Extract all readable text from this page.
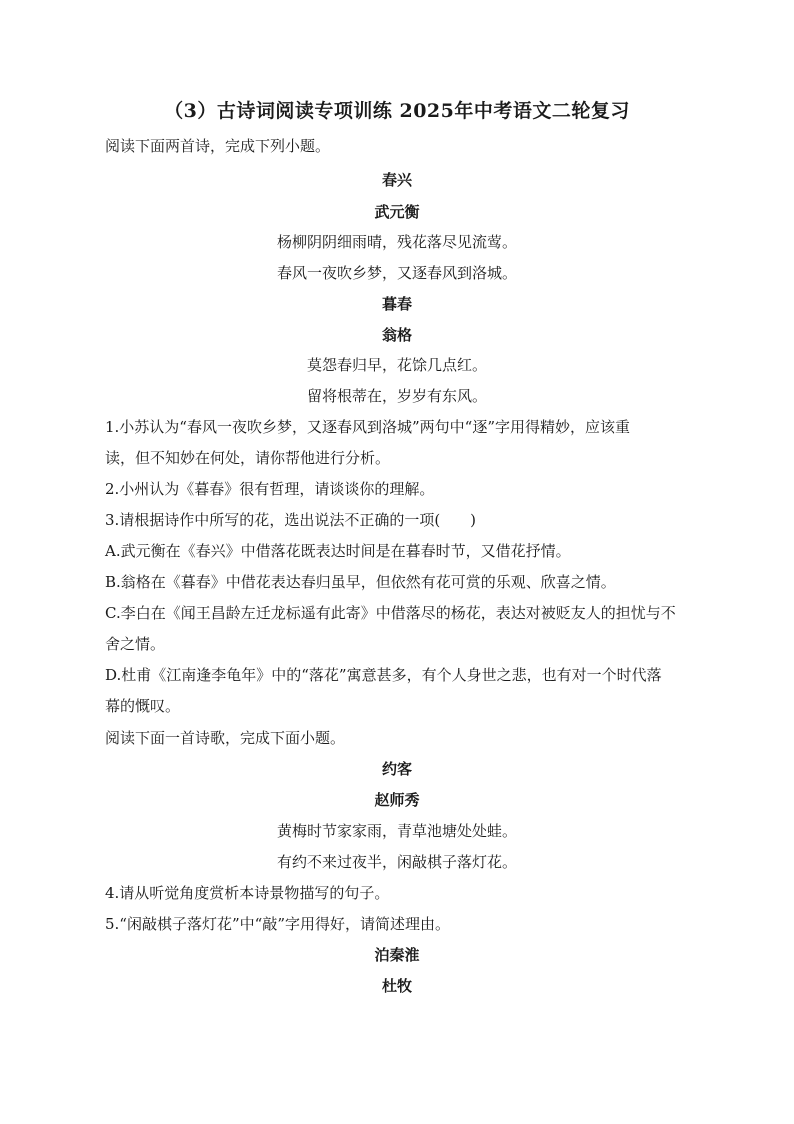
（3）古诗词阅读专项训练 2025年中考语文二轮复习
阅读下面两首诗，完成下列小题。
春兴
武元衡
杨柳阴阴细雨晴，残花落尽见流莺。
春风一夜吹乡梦，又逐春风到洛城。
暮春
翁格
莫怨春归早，花馀几点红。
留将根蒂在，岁岁有东风。
1.小苏认为“春风一夜吹乡梦，又逐春风到洛城”两句中“逐”字用得精妙，应该重
读，但不知妙在何处，请你帮他进行分析。
2.小州认为《暮春》很有哲理，请谈谈你的理解。
3.请根据诗作中所写的花，选出说法不正确的一项(　　)
A.武元衡在《春兴》中借落花既表达时间是在暮春时节，又借花抒情。
B.翁格在《暮春》中借花表达春归虽早，但依然有花可赏的乐观、欣喜之情。
C.李白在《闻王昌龄左迁龙标遥有此寄》中借落尽的杨花，表达对被贬友人的担忧与不
舍之情。
D.杜甫《江南逢李龟年》中的“落花”寓意甚多，有个人身世之悲，也有对一个时代落
幕的慨叹。
阅读下面一首诗歌，完成下面小题。
约客
赵师秀
黄梅时节家家雨，青草池塘处处蛙。
有约不来过夜半，闲敲棋子落灯花。
4.请从听觉角度赏析本诗景物描写的句子。
5.“闲敲棋子落灯花”中“敲”字用得好，请简述理由。
泊秦淮
杜牧
